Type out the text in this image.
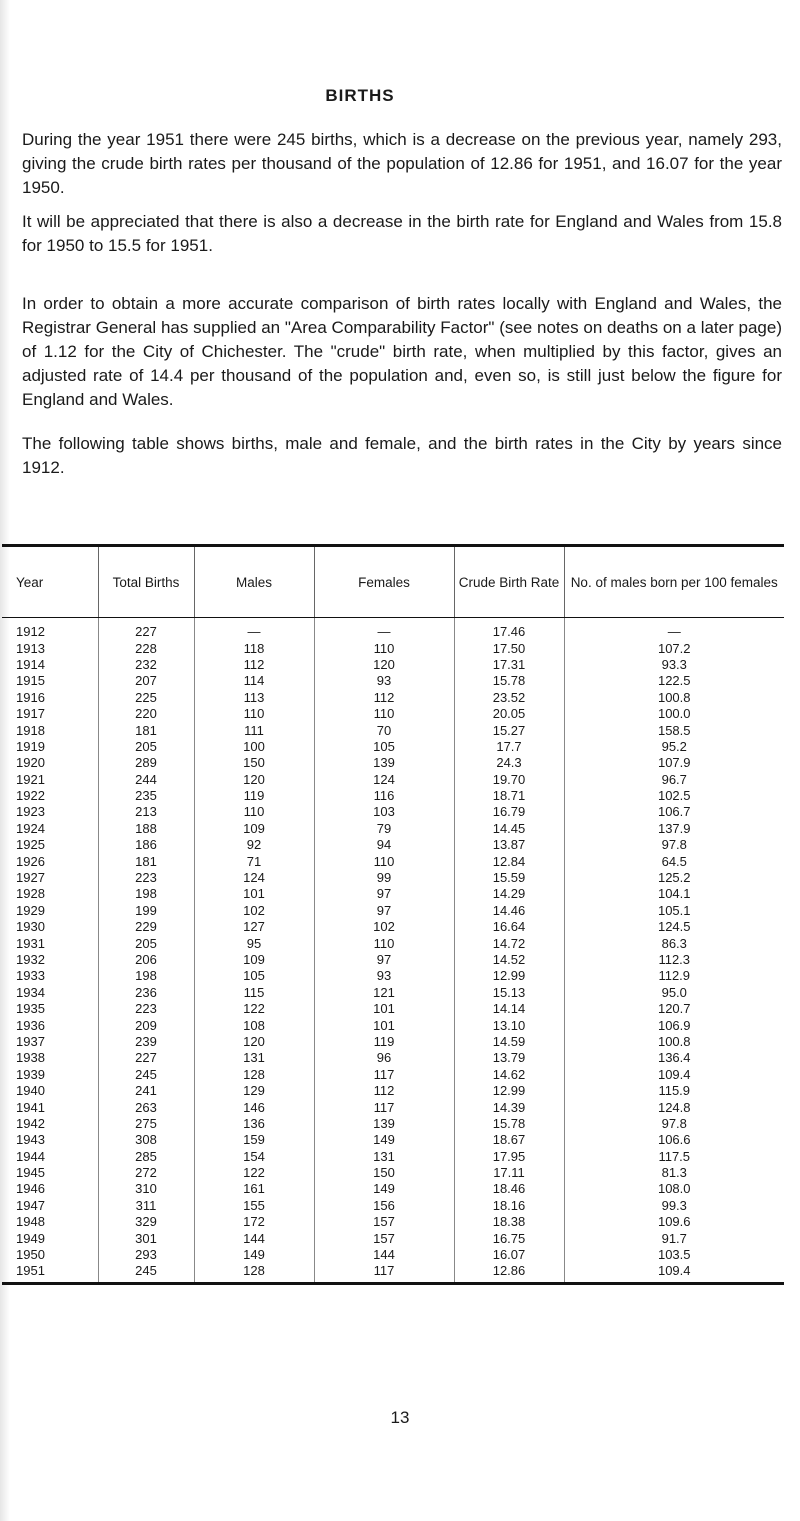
BIRTHS

During the year 1951 there were 245 births, which is a decrease on the previous year, namely 293, giving the crude birth rates per thousand of the population of 12.86 for 1951, and 16.07 for the year 1950.

It will be appreciated that there is also a decrease in the birth rate for England and Wales from 15.8 for 1950 to 15.5 for 1951.

In order to obtain a more accurate comparison of birth rates locally with England and Wales, the Registrar General has supplied an "Area Comparability Factor" (see notes on deaths on a later page) of 1.12 for the City of Chichester. The "crude" birth rate, when multiplied by this factor, gives an adjusted rate of 14.4 per thousand of the population and, even so, is still just below the figure for England and Wales.

The following table shows births, male and female, and the birth rates in the City by years since 1912.

Year	Total Births	Males	Females	Crude Birth Rate	No. of males born per 100 females
1912	227	—	—	17.46	—
1913	228	118	110	17.50	107.2
1914	232	112	120	17.31	93.3
1915	207	114	93	15.78	122.5
1916	225	113	112	23.52	100.8
1917	220	110	110	20.05	100.0
1918	181	111	70	15.27	158.5
1919	205	100	105	17.7	95.2
1920	289	150	139	24.3	107.9
1921	244	120	124	19.70	96.7
1922	235	119	116	18.71	102.5
1923	213	110	103	16.79	106.7
1924	188	109	79	14.45	137.9
1925	186	92	94	13.87	97.8
1926	181	71	110	12.84	64.5
1927	223	124	99	15.59	125.2
1928	198	101	97	14.29	104.1
1929	199	102	97	14.46	105.1
1930	229	127	102	16.64	124.5
1931	205	95	110	14.72	86.3
1932	206	109	97	14.52	112.3
1933	198	105	93	12.99	112.9
1934	236	115	121	15.13	95.0
1935	223	122	101	14.14	120.7
1936	209	108	101	13.10	106.9
1937	239	120	119	14.59	100.8
1938	227	131	96	13.79	136.4
1939	245	128	117	14.62	109.4
1940	241	129	112	12.99	115.9
1941	263	146	117	14.39	124.8
1942	275	136	139	15.78	97.8
1943	308	159	149	18.67	106.6
1944	285	154	131	17.95	117.5
1945	272	122	150	17.11	81.3
1946	310	161	149	18.46	108.0
1947	311	155	156	18.16	99.3
1948	329	172	157	18.38	109.6
1949	301	144	157	16.75	91.7
1950	293	149	144	16.07	103.5
1951	245	128	117	12.86	109.4
13
